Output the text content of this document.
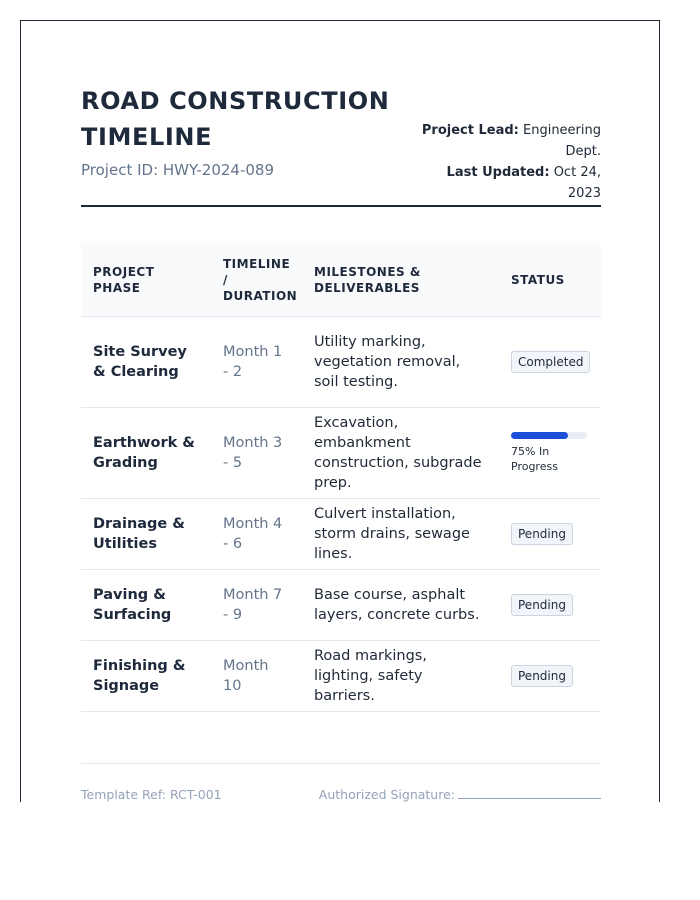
ROAD CONSTRUCTION TIMELINE
Project ID: HWY-2024-089
Project Lead: Engineering Dept.
Last Updated: Oct 24, 2023
PROJECT PHASE	TIMELINE / DURATION	MILESTONES & DELIVERABLES	STATUS
Site Survey & Clearing	Month 1 - 2	Utility marking, vegetation removal, soil testing.	Completed
Earthwork & Grading	Month 3 - 5	Excavation, embankment construction, subgrade prep.	75% In Progress

Drainage & Utilities	Month 4 - 6	Culvert installation, storm drains, sewage lines.	Pending
Paving & Surfacing	Month 7 - 9	Base course, asphalt layers, concrete curbs.	Pending
Finishing & Signage	Month 10	Road markings, lighting, safety barriers.	Pending
Template Ref: RCT-001	Authorized Signature:
